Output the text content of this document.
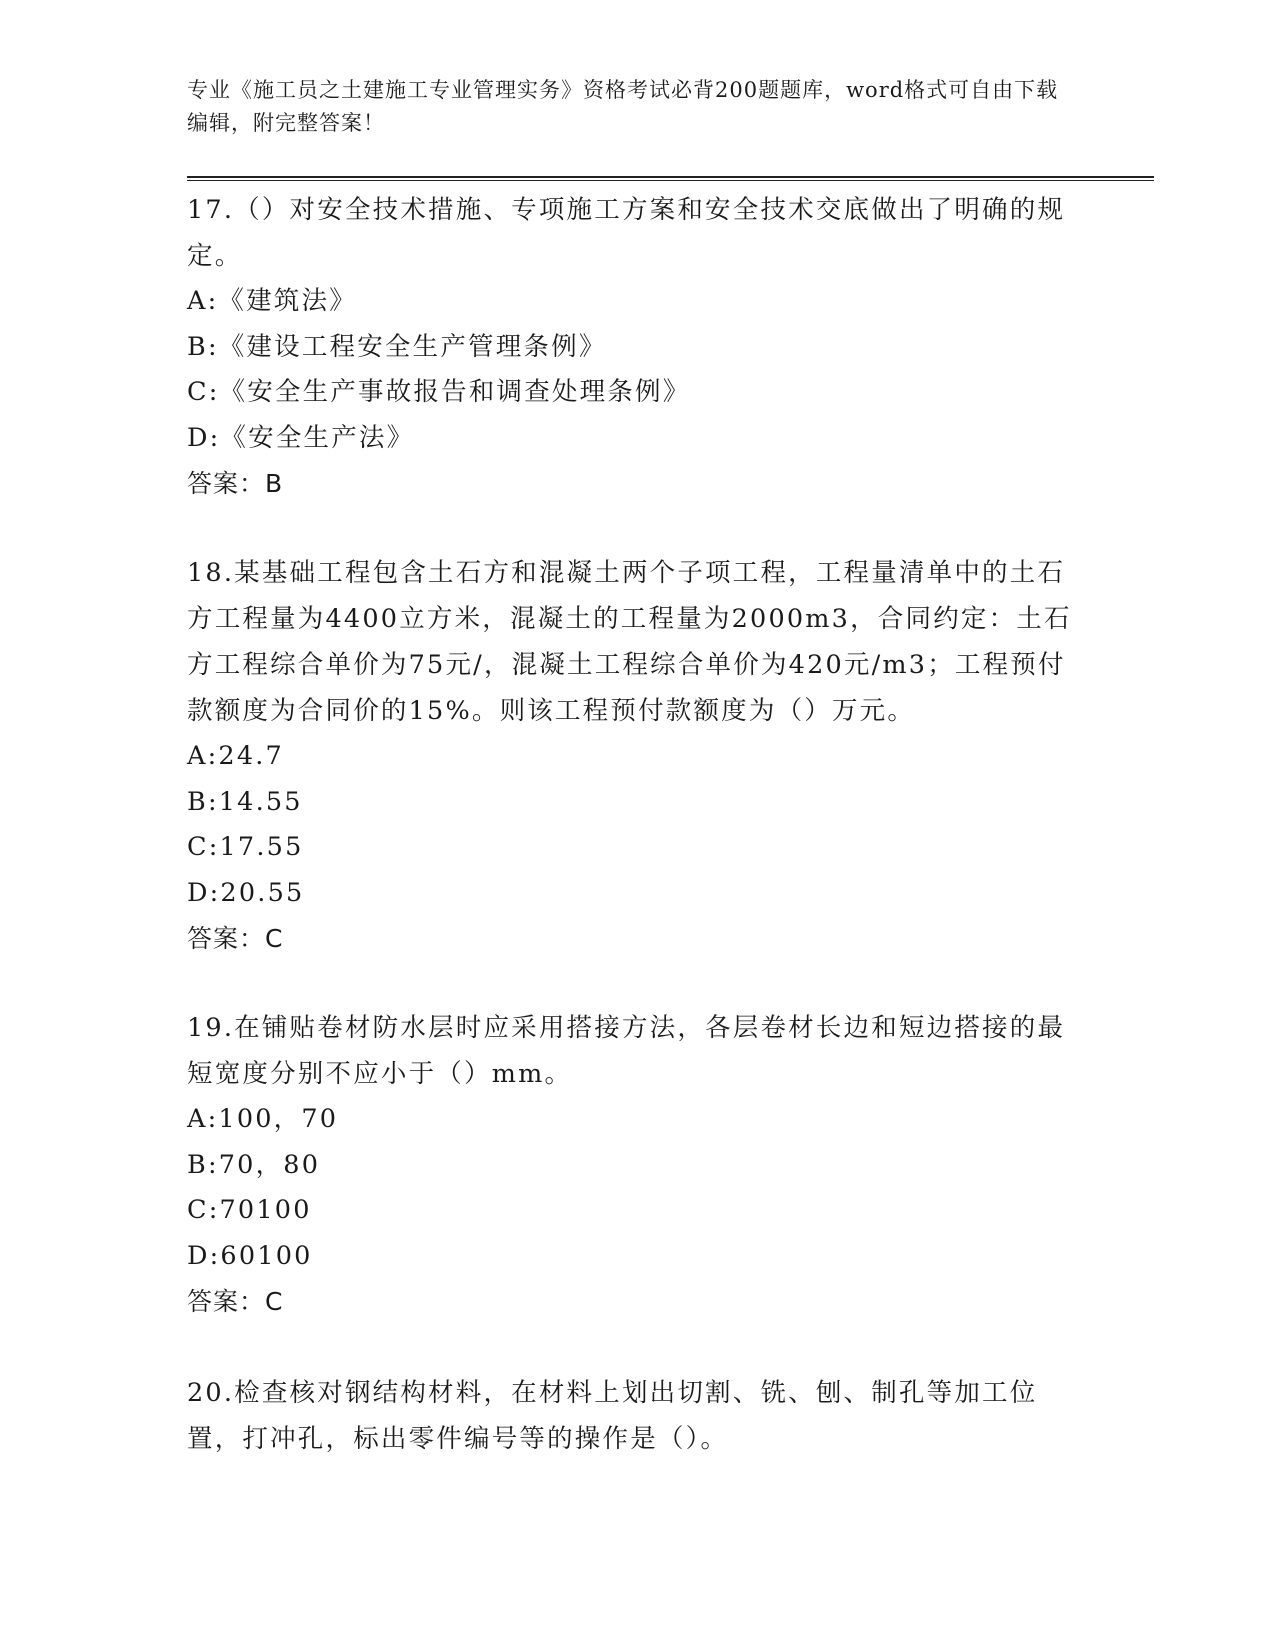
专业《施工员之土建施工专业管理实务》资格考试必背200题题库，word格式可自由下载编辑，附完整答案！

17.（）对安全技术措施、专项施工方案和安全技术交底做出了明确的规定。

A:《建筑法》
B:《建设工程安全生产管理条例》
C:《安全生产事故报告和调查处理条例》
D:《安全生产法》
答案：B

18.某基础工程包含土石方和混凝土两个子项工程，工程量清单中的土石方工程量为4400立方米，混凝土的工程量为2000m3，合同约定：土石方工程综合单价为75元/，混凝土工程综合单价为420元/m3；工程预付款额度为合同价的15%。则该工程预付款额度为（）万元。

A:24.7
B:14.55
C:17.55
D:20.55
答案：C

19.在铺贴卷材防水层时应采用搭接方法，各层卷材长边和短边搭接的最短宽度分别不应小于（）mm。

A:100，70
B:70，80
C:70100
D:60100
答案：C

20.检查核对钢结构材料，在材料上划出切割、铣、刨、制孔等加工位置，打冲孔，标出零件编号等的操作是（）。
